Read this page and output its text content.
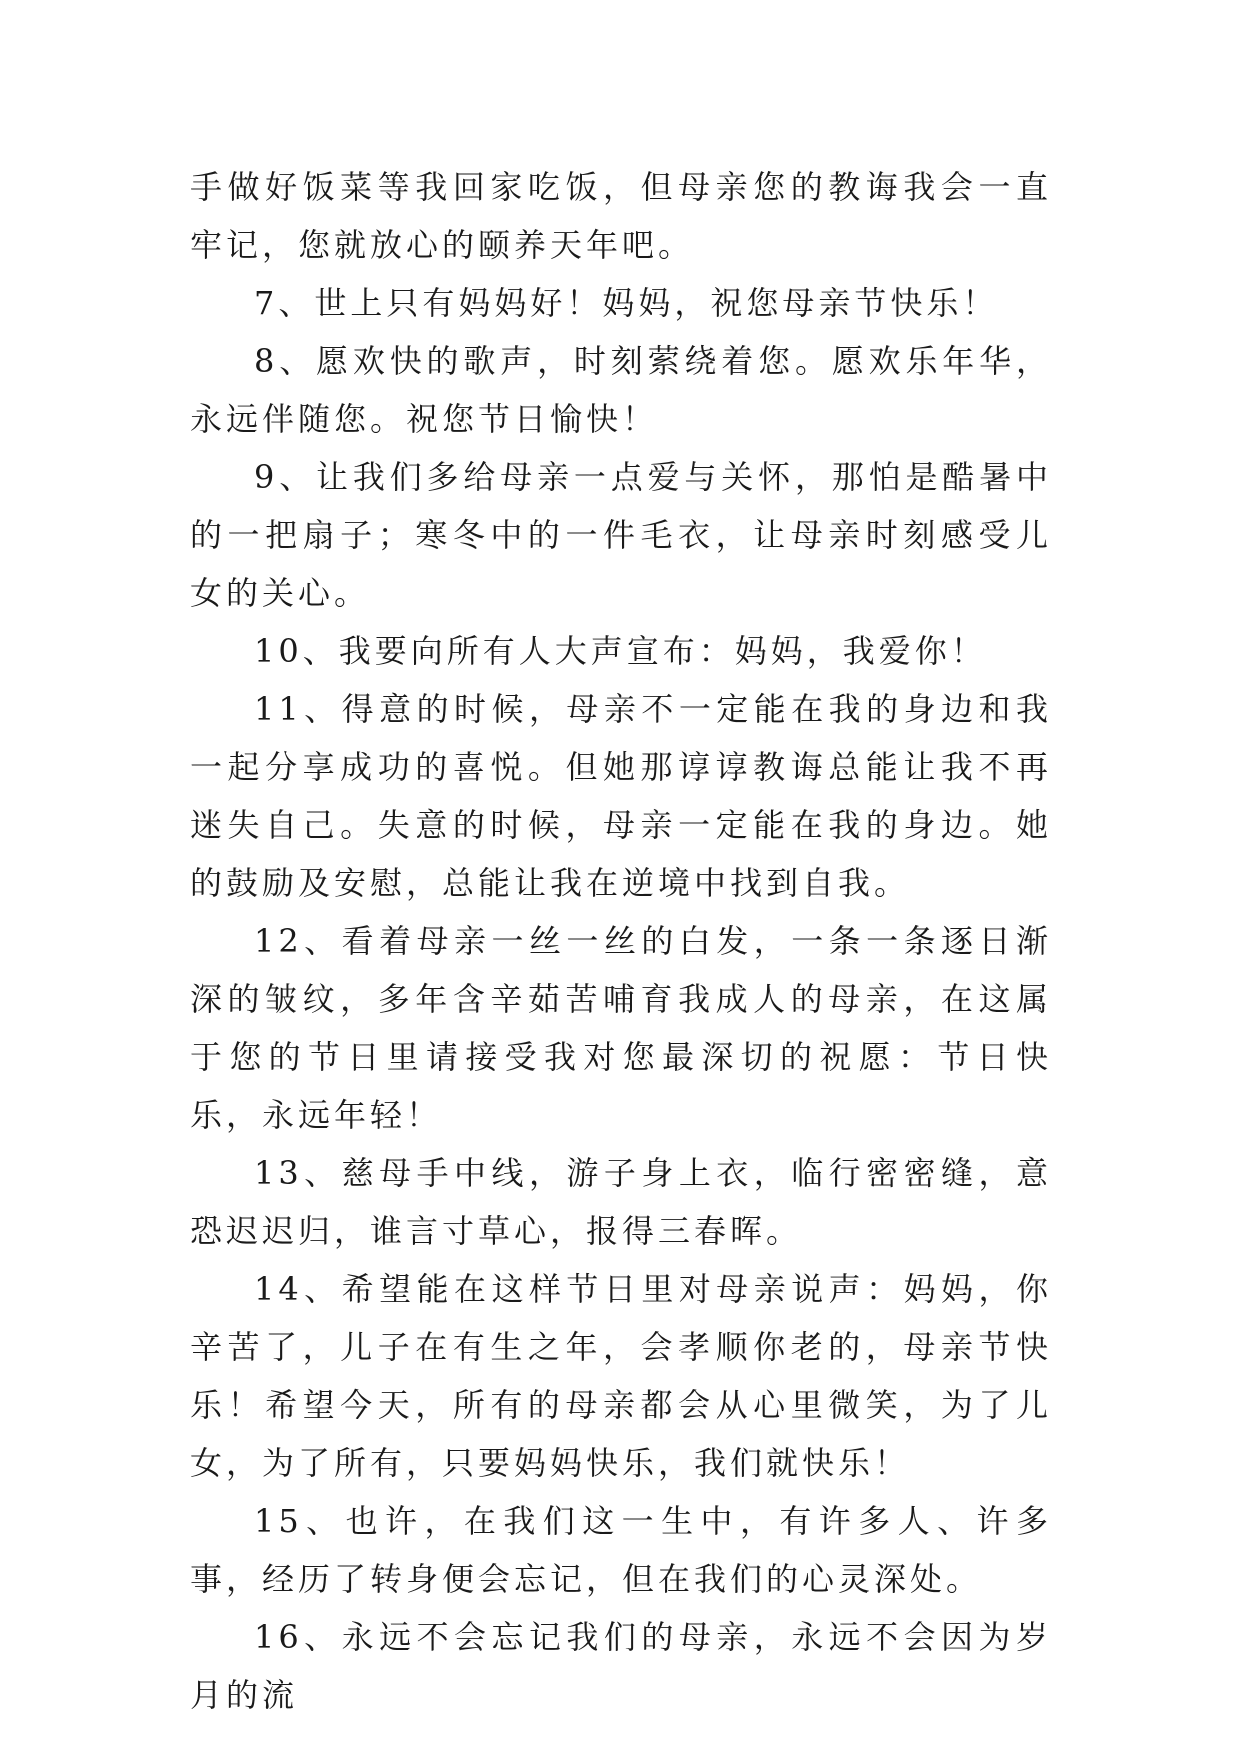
手做好饭菜等我回家吃饭，但母亲您的教诲我会一直牢记，您就放心的颐养天年吧。

7、世上只有妈妈好！妈妈，祝您母亲节快乐！

8、愿欢快的歌声，时刻萦绕着您。愿欢乐年华，永远伴随您。祝您节日愉快！

9、让我们多给母亲一点爱与关怀，那怕是酷暑中的一把扇子；寒冬中的一件毛衣，让母亲时刻感受儿女的关心。

10、我要向所有人大声宣布：妈妈，我爱你！

11、得意的时候，母亲不一定能在我的身边和我一起分享成功的喜悦。但她那谆谆教诲总能让我不再迷失自己。失意的时候，母亲一定能在我的身边。她的鼓励及安慰，总能让我在逆境中找到自我。

12、看着母亲一丝一丝的白发，一条一条逐日渐深的皱纹，多年含辛茹苦哺育我成人的母亲，在这属于您的节日里请接受我对您最深切的祝愿：节日快乐，永远年轻！

13、慈母手中线，游子身上衣，临行密密缝，意恐迟迟归，谁言寸草心，报得三春晖。

14、希望能在这样节日里对母亲说声：妈妈，你辛苦了，儿子在有生之年，会孝顺你老的，母亲节快乐！希望今天，所有的母亲都会从心里微笑，为了儿女，为了所有，只要妈妈快乐，我们就快乐！

15、也许，在我们这一生中，有许多人、许多事，经历了转身便会忘记，但在我们的心灵深处。

16、永远不会忘记我们的母亲，永远不会因为岁月的流
